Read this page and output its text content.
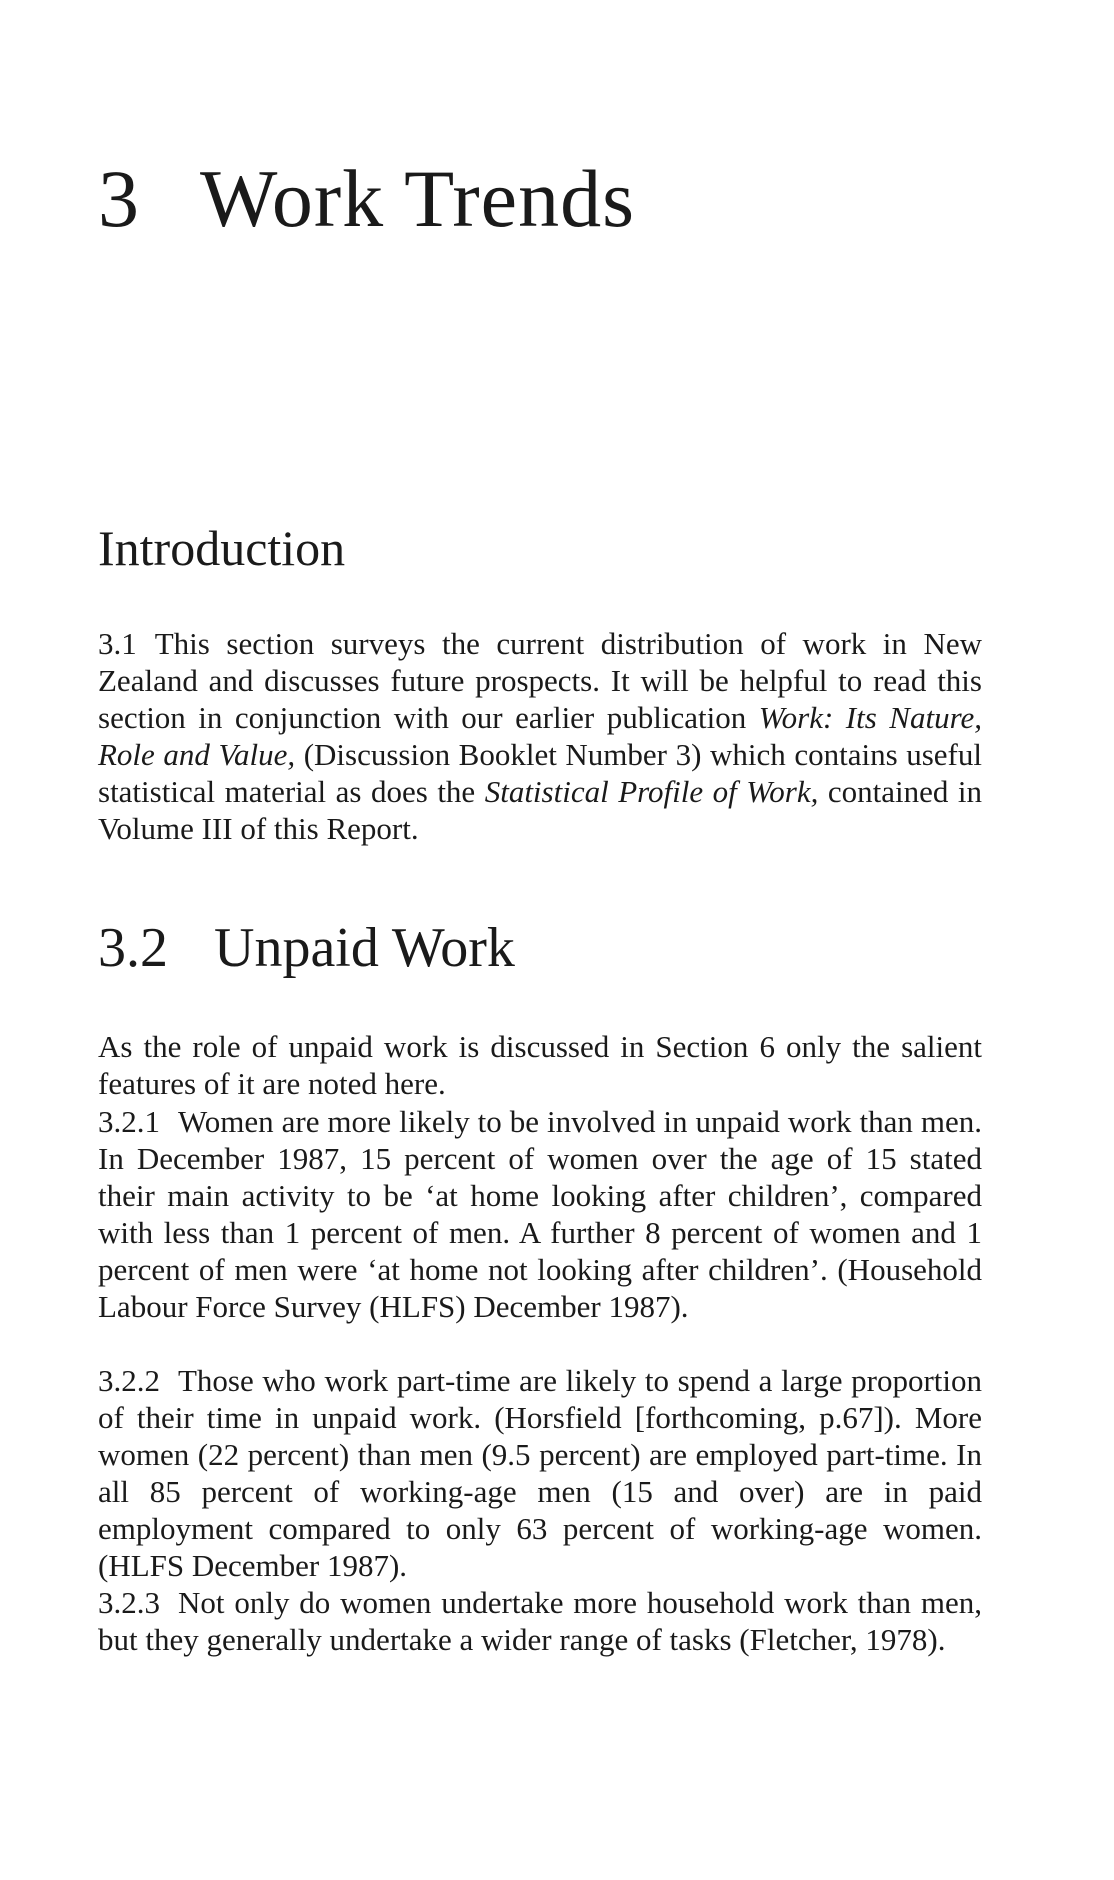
3 Work Trends
Introduction

3.1 This section surveys the current distribution of work in New Zealand and discusses future prospects. It will be helpful to read this section in conjunction with our earlier publication Work: Its Nature, Role and Value, (Discussion Booklet Number 3) which contains useful statistical material as does the Statistical Profile of Work, contained in Volume III of this Report.

3.2 Unpaid Work

As the role of unpaid work is discussed in Section 6 only the salient features of it are noted here.

3.2.1 Women are more likely to be involved in unpaid work than men. In December 1987, 15 percent of women over the age of 15 stated their main activity to be ‘at home looking after children’, compared with less than 1 percent of men. A further 8 percent of women and 1 percent of men were ‘at home not looking after children’. (Household Labour Force Survey (HLFS) December 1987).

3.2.2 Those who work part-time are likely to spend a large proportion of their time in unpaid work. (Horsfield [forthcoming, p.67]). More women (22 percent) than men (9.5 percent) are employed part-time. In all 85 percent of working-age men (15 and over) are in paid employment compared to only 63 percent of working-age women. (HLFS December 1987).

3.2.3 Not only do women undertake more household work than men, but they generally undertake a wider range of tasks (Fletcher, 1978).
